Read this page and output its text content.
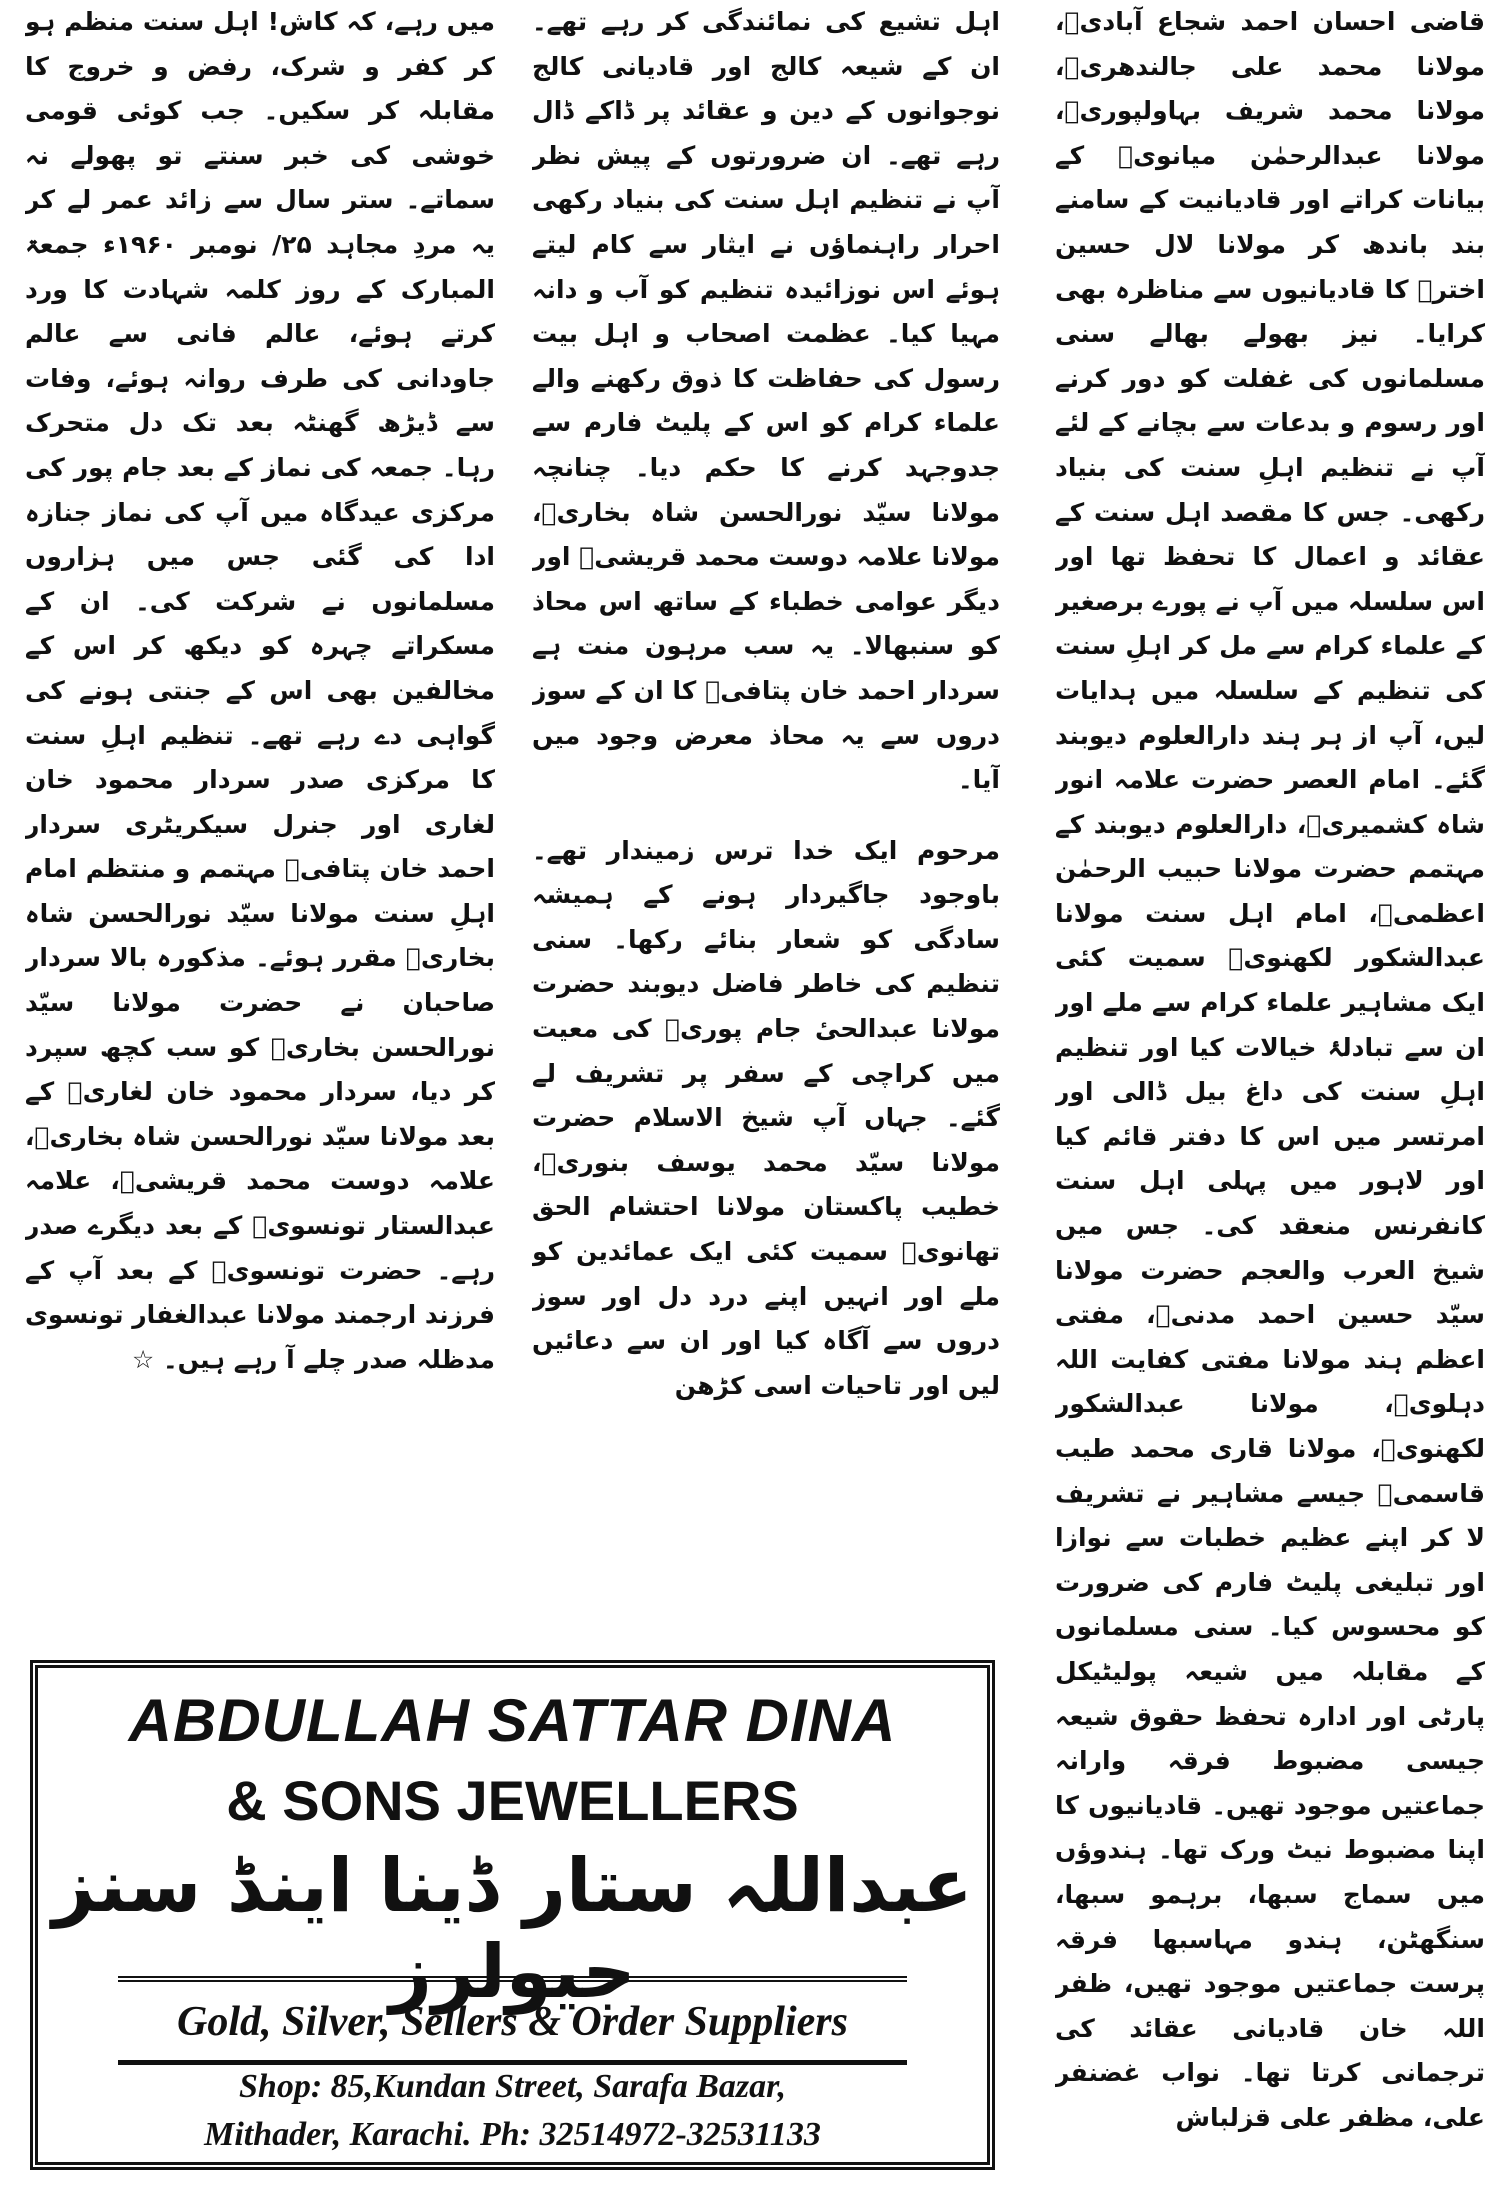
قاضی احسان احمد شجاع آبادیؒ، مولانا محمد علی جالندھریؒ، مولانا محمد شریف بہاولپوریؒ، مولانا عبدالرحمٰن میانویؒ کے بیانات کراتے اور قادیانیت کے سامنے بند باندھ کر مولانا لال حسین اخترؒ کا قادیانیوں سے مناظرہ بھی کرایا۔ نیز بھولے بھالے سنی مسلمانوں کی غفلت کو دور کرنے اور رسوم و بدعات سے بچانے کے لئے آپ نے تنظیم اہلِ سنت کی بنیاد رکھی۔ جس کا مقصد اہل سنت کے عقائد و اعمال کا تحفظ تھا اور اس سلسلہ میں آپ نے پورے برصغیر کے علماء کرام سے مل کر اہلِ سنت کی تنظیم کے سلسلہ میں ہدایات لیں، آپ از ہر ہند دارالعلوم دیوبند گئے۔ امام العصر حضرت علامہ انور شاہ کشمیریؒ، دارالعلوم دیوبند کے مہتمم حضرت مولانا حبیب الرحمٰن اعظمیؒ، امام اہل سنت مولانا عبدالشکور لکھنویؒ سمیت کئی ایک مشاہیر علماء کرام سے ملے اور ان سے تبادلۂ خیالات کیا اور تنظیم اہلِ سنت کی داغ بیل ڈالی اور امرتسر میں اس کا دفتر قائم کیا اور لاہور میں پہلی اہل سنت کانفرنس منعقد کی۔ جس میں شیخ العرب والعجم حضرت مولانا سیّد حسین احمد مدنیؒ، مفتی اعظم ہند مولانا مفتی کفایت اللہ دہلویؒ، مولانا عبدالشکور لکھنویؒ، مولانا قاری محمد طیب قاسمیؒ جیسے مشاہیر نے تشریف لا کر اپنے عظیم خطبات سے نوازا اور تبلیغی پلیٹ فارم کی ضرورت کو محسوس کیا۔ سنی مسلمانوں کے مقابلہ میں شیعہ پولیٹیکل پارٹی اور ادارہ تحفظ حقوق شیعہ جیسی مضبوط فرقہ وارانہ جماعتیں موجود تھیں۔ قادیانیوں کا اپنا مضبوط نیٹ ورک تھا۔ ہندوؤں میں سماج سبھا، برہمو سبھا، سنگھٹن، ہندو مہاسبھا فرقہ پرست جماعتیں موجود تھیں، ظفر اللہ خان قادیانی عقائد کی ترجمانی کرتا تھا۔ نواب غضنفر علی، مظفر علی قزلباش

اہل تشیع کی نمائندگی کر رہے تھے۔ ان کے شیعہ کالج اور قادیانی کالج نوجوانوں کے دین و عقائد پر ڈاکے ڈال رہے تھے۔ ان ضرورتوں کے پیش نظر آپ نے تنظیم اہل سنت کی بنیاد رکھی احرار راہنماؤں نے ایثار سے کام لیتے ہوئے اس نوزائیدہ تنظیم کو آب و دانہ مہیا کیا۔ عظمت اصحاب و اہل بیت رسول کی حفاظت کا ذوق رکھنے والے علماء کرام کو اس کے پلیٹ فارم سے جدوجہد کرنے کا حکم دیا۔ چنانچہ مولانا سیّد نورالحسن شاہ بخاریؒ، مولانا علامہ دوست محمد قریشیؒ اور دیگر عوامی خطباء کے ساتھ اس محاذ کو سنبھالا۔ یہ سب مرہون منت ہے سردار احمد خان پتافیؒ کا ان کے سوز دروں سے یہ محاذ معرض وجود میں آیا۔

مرحوم ایک خدا ترس زمیندار تھے۔ باوجود جاگیردار ہونے کے ہمیشہ سادگی کو شعار بنائے رکھا۔ سنی تنظیم کی خاطر فاضل دیوبند حضرت مولانا عبدالحیٔ جام پوریؒ کی معیت میں کراچی کے سفر پر تشریف لے گئے۔ جہاں آپ شیخ الاسلام حضرت مولانا سیّد محمد یوسف بنوریؒ، خطیب پاکستان مولانا احتشام الحق تھانویؒ سمیت کئی ایک عمائدین کو ملے اور انہیں اپنے درد دل اور سوز دروں سے آگاہ کیا اور ان سے دعائیں لیں اور تاحیات اسی کڑھن

میں رہے، کہ کاش! اہل سنت منظم ہو کر کفر و شرک، رفض و خروج کا مقابلہ کر سکیں۔ جب کوئی قومی خوشی کی خبر سنتے تو پھولے نہ سماتے۔ ستر سال سے زائد عمر لے کر یہ مردِ مجاہد ۲۵/ نومبر ۱۹۶۰ء جمعۃ المبارک کے روز کلمہ شہادت کا ورد کرتے ہوئے، عالم فانی سے عالم جاودانی کی طرف روانہ ہوئے، وفات سے ڈیڑھ گھنٹہ بعد تک دل متحرک رہا۔ جمعہ کی نماز کے بعد جام پور کی مرکزی عیدگاہ میں آپ کی نماز جنازہ ادا کی گئی جس میں ہزاروں مسلمانوں نے شرکت کی۔ ان کے مسکراتے چہرہ کو دیکھ کر اس کے مخالفین بھی اس کے جنتی ہونے کی گواہی دے رہے تھے۔ تنظیم اہلِ سنت کا مرکزی صدر سردار محمود خان لغاری اور جنرل سیکریٹری سردار احمد خان پتافیؒ مہتمم و منتظم امام اہلِ سنت مولانا سیّد نورالحسن شاہ بخاریؒ مقرر ہوئے۔ مذکورہ بالا سردار صاحبان نے حضرت مولانا سیّد نورالحسن بخاریؒ کو سب کچھ سپرد کر دیا، سردار محمود خان لغاریؒ کے بعد مولانا سیّد نورالحسن شاہ بخاریؒ، علامہ دوست محمد قریشیؒ، علامہ عبدالستار تونسویؒ کے بعد دیگرے صدر رہے۔ حضرت تونسویؒ کے بعد آپ کے فرزند ارجمند مولانا عبدالغفار تونسوی مدظلہ صدر چلے آ رہے ہیں۔ ☆

ABDULLAH SATTAR DINA
& SONS JEWELLERS
عبداللہ ستار ڈینا اینڈ سنز جیولرز
Gold, Silver, Sellers & Order Suppliers
Shop: 85,Kundan Street, Sarafa Bazar,
Mithader, Karachi. Ph: 32514972-32531133
